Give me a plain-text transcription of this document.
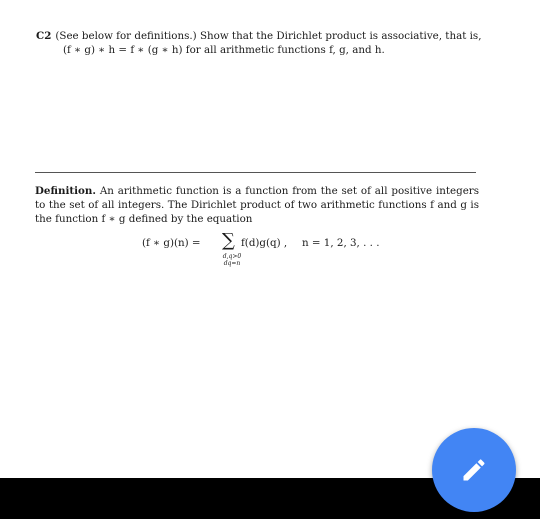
C2 (See below for definitions.) Show that the Dirichlet product is associative, that is,
(f ∗ g) ∗ h = f ∗ (g ∗ h) for all arithmetic functions f, g, and h.
Definition. An arithmetic function is a function from the set of all positive integers to the set of all integers. The Dirichlet product of two arithmetic functions f and g is the function f ∗ g defined by the equation
(f ∗ g)(n) = ∑
d,q>0
dq=n
f(d)g(q) , n = 1, 2, 3, . . .
